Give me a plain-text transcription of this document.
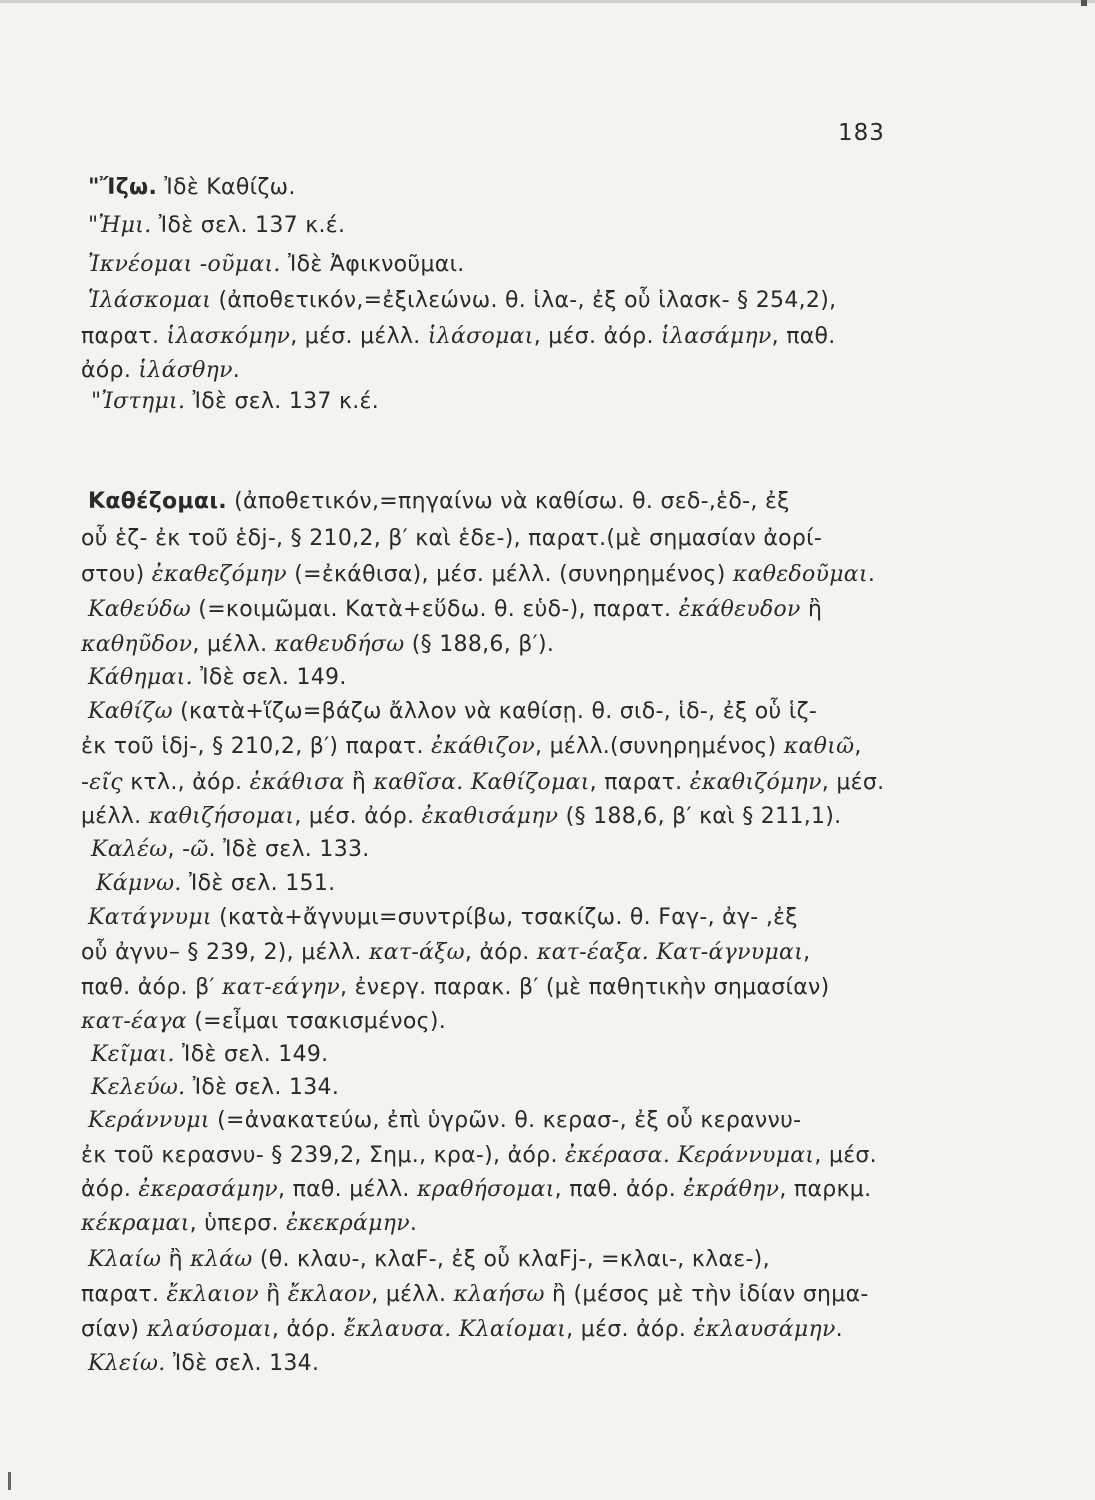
183
"Ἴζω. Ἰδὲ Καθίζω.
"Ἠμι. Ἰδὲ σελ. 137 κ.έ.
Ἰκνέομαι -οῦμαι. Ἰδὲ Ἀφικνοῦμαι.
Ἱλάσκομαι (ἀποθετικόν,=ἐξιλεώνω. θ. ἱλα-, ἐξ οὗ ἱλασκ- § 254,2),
παρατ. ἱλασκόμην, μέσ. μέλλ. ἱλάσομαι, μέσ. ἀόρ. ἱλασάμην, παθ.
ἀόρ. ἱλάσθην.
"Ἰστημι. Ἰδὲ σελ. 137 κ.έ.
Καθέζομαι. (ἀποθετικόν,=πηγαίνω νὰ καθίσω. θ. σεδ-,ἑδ-, ἐξ
οὗ ἑζ- ἐκ τοῦ ἑδj-, § 210,2, β′ καὶ ἑδε-), παρατ.(μὲ σημασίαν ἀορί-
στου) ἐκαθεζόμην (=ἐκάθισα), μέσ. μέλλ. (συνηρημένος) καθεδοῦμαι.
Καθεύδω (=κοιμῶμαι. Κατὰ+εὕδω. θ. εὑδ-), παρατ. ἐκάθευδον ἢ
καθηῦδον, μέλλ. καθευδήσω (§ 188,6, β′).
Κάθημαι. Ἰδὲ σελ. 149.
Καθίζω (κατὰ+ἵζω=βάζω ἄλλον νὰ καθίσῃ. θ. σιδ-, ἱδ-, ἐξ οὗ ἱζ-
ἐκ τοῦ ἱδj-, § 210,2, β′) παρατ. ἐκάθιζον, μέλλ.(συνηρημένος) καθιῶ,
-εῖς κτλ., ἀόρ. ἐκάθισα ἢ καθῖσα. Καθίζομαι, παρατ. ἐκαθιζόμην, μέσ.
μέλλ. καθιζήσομαι, μέσ. ἀόρ. ἐκαθισάμην (§ 188,6, β′ καὶ § 211,1).
Καλέω, -ῶ. Ἰδὲ σελ. 133.
Κάμνω. Ἰδὲ σελ. 151.
Κατάγνυμι (κατὰ+ἄγνυμι=συντρίβω, τσακίζω. θ. Ϝαγ-, ἀγ- ,ἐξ
οὗ ἀγνυ– § 239, 2), μέλλ. κατ-άξω, ἀόρ. κατ-έαξα. Κατ-άγνυμαι,
παθ. ἀόρ. β′ κατ-εάγην, ἐνεργ. παρακ. β′ (μὲ παθητικὴν σημασίαν)
κατ-έαγα (=εἶμαι τσακισμένος).
Κεῖμαι. Ἰδὲ σελ. 149.
Κελεύω. Ἰδὲ σελ. 134.
Κεράννυμι (=ἀνακατεύω, ἐπὶ ὑγρῶν. θ. κερασ-, ἐξ οὗ κεραννυ-
ἐκ τοῦ κερασνυ- § 239,2, Σημ., κρα-), ἀόρ. ἐκέρασα. Κεράννυμαι, μέσ.
ἀόρ. ἐκερασάμην, παθ. μέλλ. κραθήσομαι, παθ. ἀόρ. ἐκράθην, παρκμ.
κέκραμαι, ὑπερσ. ἐκεκράμην.
Κλαίω ἢ κλάω (θ. κλαυ-, κλαϜ-, ἐξ οὗ κλαϜj-, =κλαι-, κλαε-),
παρατ. ἔκλαιον ἢ ἔκλαον, μέλλ. κλαήσω ἢ (μέσος μὲ τὴν ἰδίαν σημα-
σίαν) κλαύσομαι, ἀόρ. ἔκλαυσα. Κλαίομαι, μέσ. ἀόρ. ἐκλαυσάμην.
Κλείω. Ἰδὲ σελ. 134.
